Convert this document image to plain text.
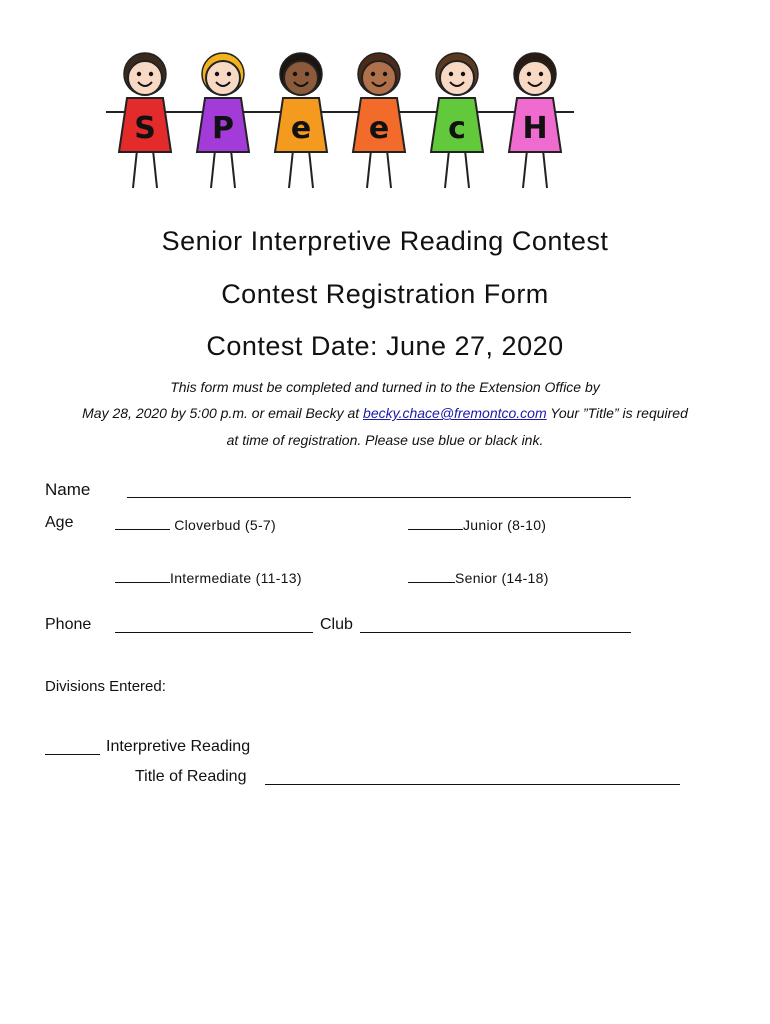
S P e e c H
Senior Interpretive Reading Contest
Contest Registration Form
Contest Date: June 27, 2020
This form must be completed and turned in to the Extension Office by
May 28, 2020 by 5:00 p.m. or email Becky at becky.chace@fremontco.com Your ”Title” is required
at time of registration. Please use blue or black ink.
Name
Age	Cloverbud (5-7)	Junior (8-10)
Intermediate (11-13)	Senior (14-18)
Phone	Club
Divisions Entered:
Interpretive Reading
Title of Reading
